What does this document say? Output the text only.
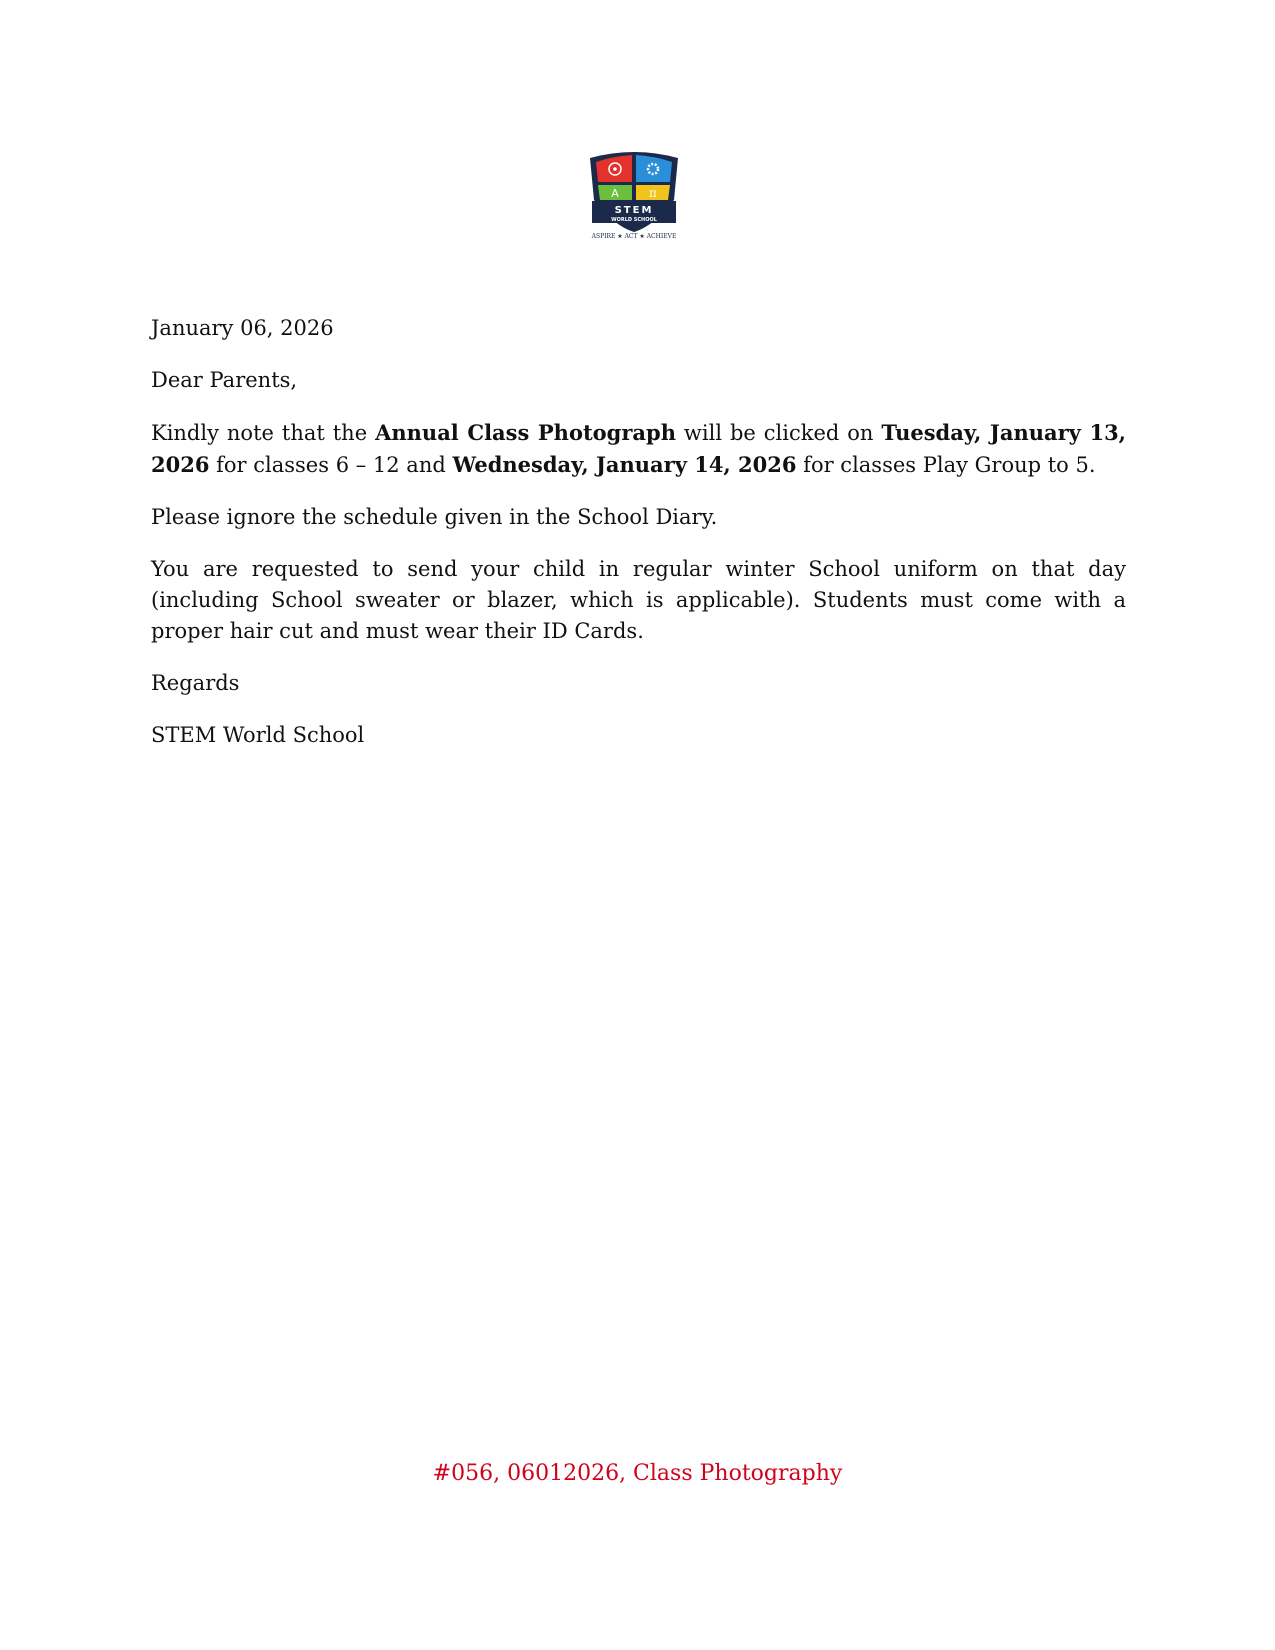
A	π
STEM
WORLD SCHOOL
ASPIRE ★ ACT ★ ACHIEVE

January 06, 2026

Dear Parents,

Kindly note that the Annual Class Photograph will be clicked on Tuesday, January 13, 2026 for classes 6 – 12 and Wednesday, January 14, 2026 for classes Play Group to 5.

Please ignore the schedule given in the School Diary.

You are requested to send your child in regular winter School uniform on that day (including School sweater or blazer, which is applicable). Students must come with a proper hair cut and must wear their ID Cards.

Regards

STEM World School

#056, 06012026, Class Photography
